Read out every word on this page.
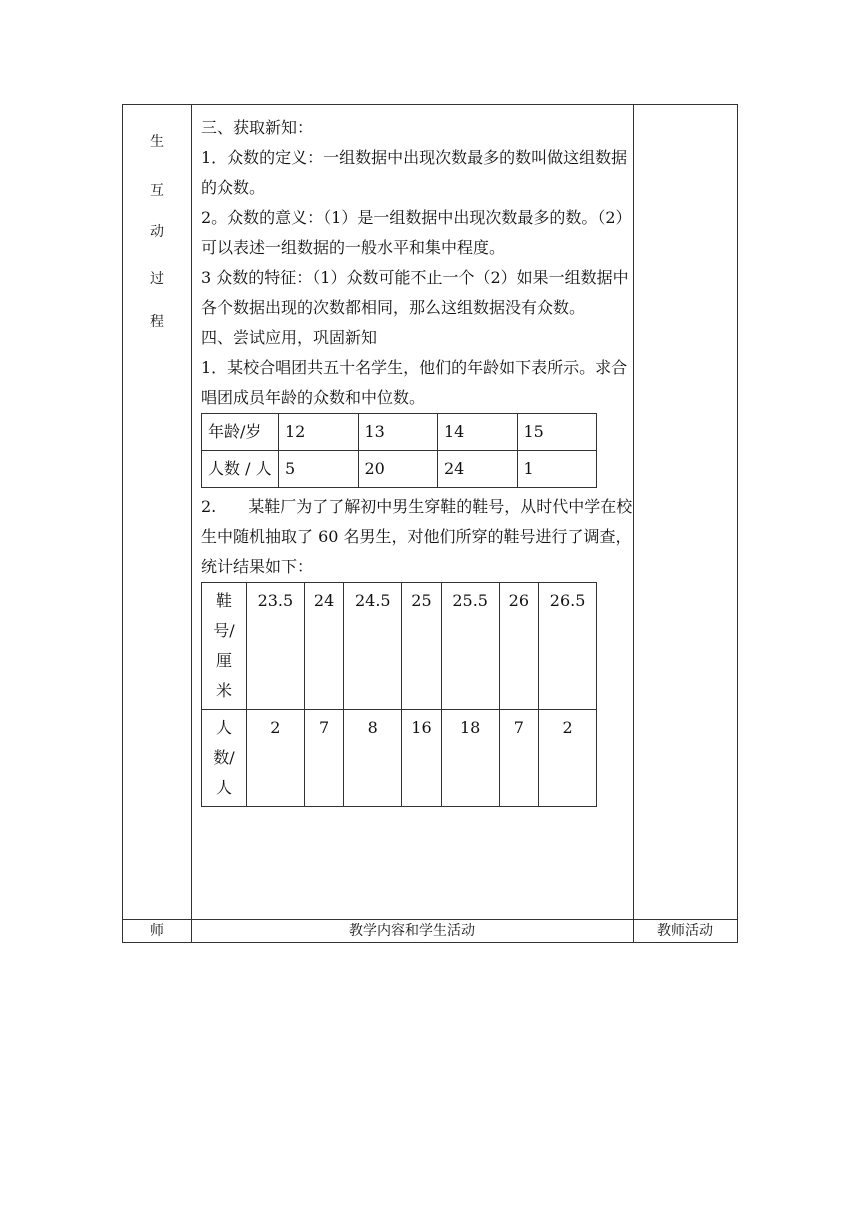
生
互
动
过
程

三、获取新知：

1．众数的定义：一组数据中出现次数最多的数叫做这组数据的众数。

2。众数的意义：（1）是一组数据中出现次数最多的数。（2）可以表述一组数据的一般水平和集中程度。

3 众数的特征：（1）众数可能不止一个（2）如果一组数据中各个数据出现的次数都相同，那么这组数据没有众数。

四、尝试应用，巩固新知

1．某校合唱团共五十名学生，他们的年龄如下表所示。求合唱团成员年龄的众数和中位数。

年龄/岁	12	13	14	15
人数 / 人	5	20	24	1

2.　　某鞋厂为了了解初中男生穿鞋的鞋号，从时代中学在校生中随机抽取了 60 名男生，对他们所穿的鞋号进行了调查，统计结果如下：

鞋号/厘米	23.5	24	24.5	25	25.5	26	26.5
人数/人	2	7	8	16	18	7	2
师	教学内容和学生活动	教师活动
